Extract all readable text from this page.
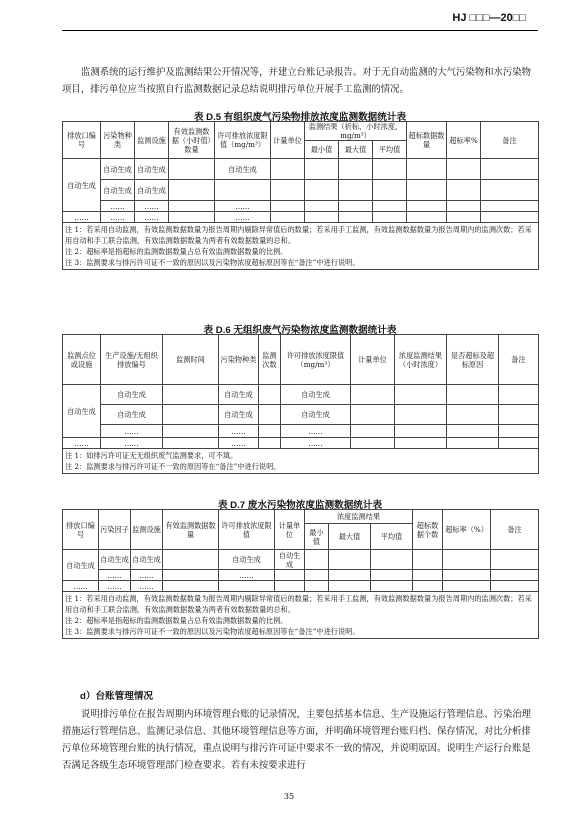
HJ □□□—20□□

监测系统的运行维护及监测结果公开情况等，并建立台账记录报告。对于无自动监测的大气污染物和水污染物项目，排污单位应当按照自行监测数据记录总结说明排污单位开展手工监测的情况。

表 D.5 有组织废气污染物排放浓度监测数据统计表
排放口编号	污染物种类	监测设施	有效监测数据（小时值）数量	许可排放浓度限值（mg/m³）	计量单位	监测结果（折标，小时浓度，mg/m³）			超标数据数量	超标率%	备注
						最小值	最大值	平均值			
自动生成	自动生成	自动生成		自动生成							
	自动生成	自动生成									
	……	……		……							
……	……	……		……							

注 1：若采用自动监测，有效监测数据数量为报告周期内剔除异常值后的数量；若采用手工监测，有效监测数据数量为报告周期内的监测次数；若采用自动和手工联合监测，有效监测数据数量为两者有效数据数量的总和。
注 2：超标率是指超标的监测数据数量占总有效监测数据数量的比例。
注 3：监测要求与排污许可证不一致的原因以及污染物浓度超标原因等在“备注”中进行说明。											
表 D.6 无组织废气污染物浓度监测数据统计表
监测点位或设施	生产设施/无组织排放编号	监测时间	污染物种类	监测次数	许可排放浓度限值（mg/m³）	计量单位	浓度监测结果（小时浓度）	是否超标及超标原因	备注
自动生成	自动生成		自动生成		自动生成				
	自动生成		自动生成		自动生成				
	……		……		……				
……	……		……		……				

注 1：如排污许可证无无组织废气监测要求，可不填。
注 2：监测要求与排污许可证不一致的原因等在“备注”中进行说明。									
表 D.7 废水污染物浓度监测数据统计表
排放口编号	污染因子	监测设施	有效监测数据数量	许可排放浓度限值	计量单位	浓度监测结果			超标数据个数	超标率（%）	备注
						最小值	最大值	平均值			
自动生成	自动生成	自动生成		自动生成	自动生成						
	……	……		……							
……	……	……									

注 1：若采用自动监测，有效监测数据数量为报告周期内剔除异常值后的数量；若采用手工监测，有效监测数据数量为报告周期内的监测次数；若采用自动和手工联合监测，有效监测数据数量为两者有效数据数量的总和。
注 2：超标率是指超标的监测数据数量占总有效监测数据数量的比例。
注 3：监测要求与排污许可证不一致的原因以及污染物浓度超标原因等在“备注”中进行说明。											
d）台账管理情况

说明排污单位在报告周期内环境管理台账的记录情况，主要包括基本信息、生产设施运行管理信息、污染治理措施运行管理信息、监测记录信息、其他环境管理信息等方面，并明确环境管理台账归档、保存情况，对比分析排污单位环境管理台账的执行情况，重点说明与排污许可证中要求不一致的情况，并说明原因。说明生产运行台账是否满足各级生态环境管理部门检查要求。若有未按要求进行

35
